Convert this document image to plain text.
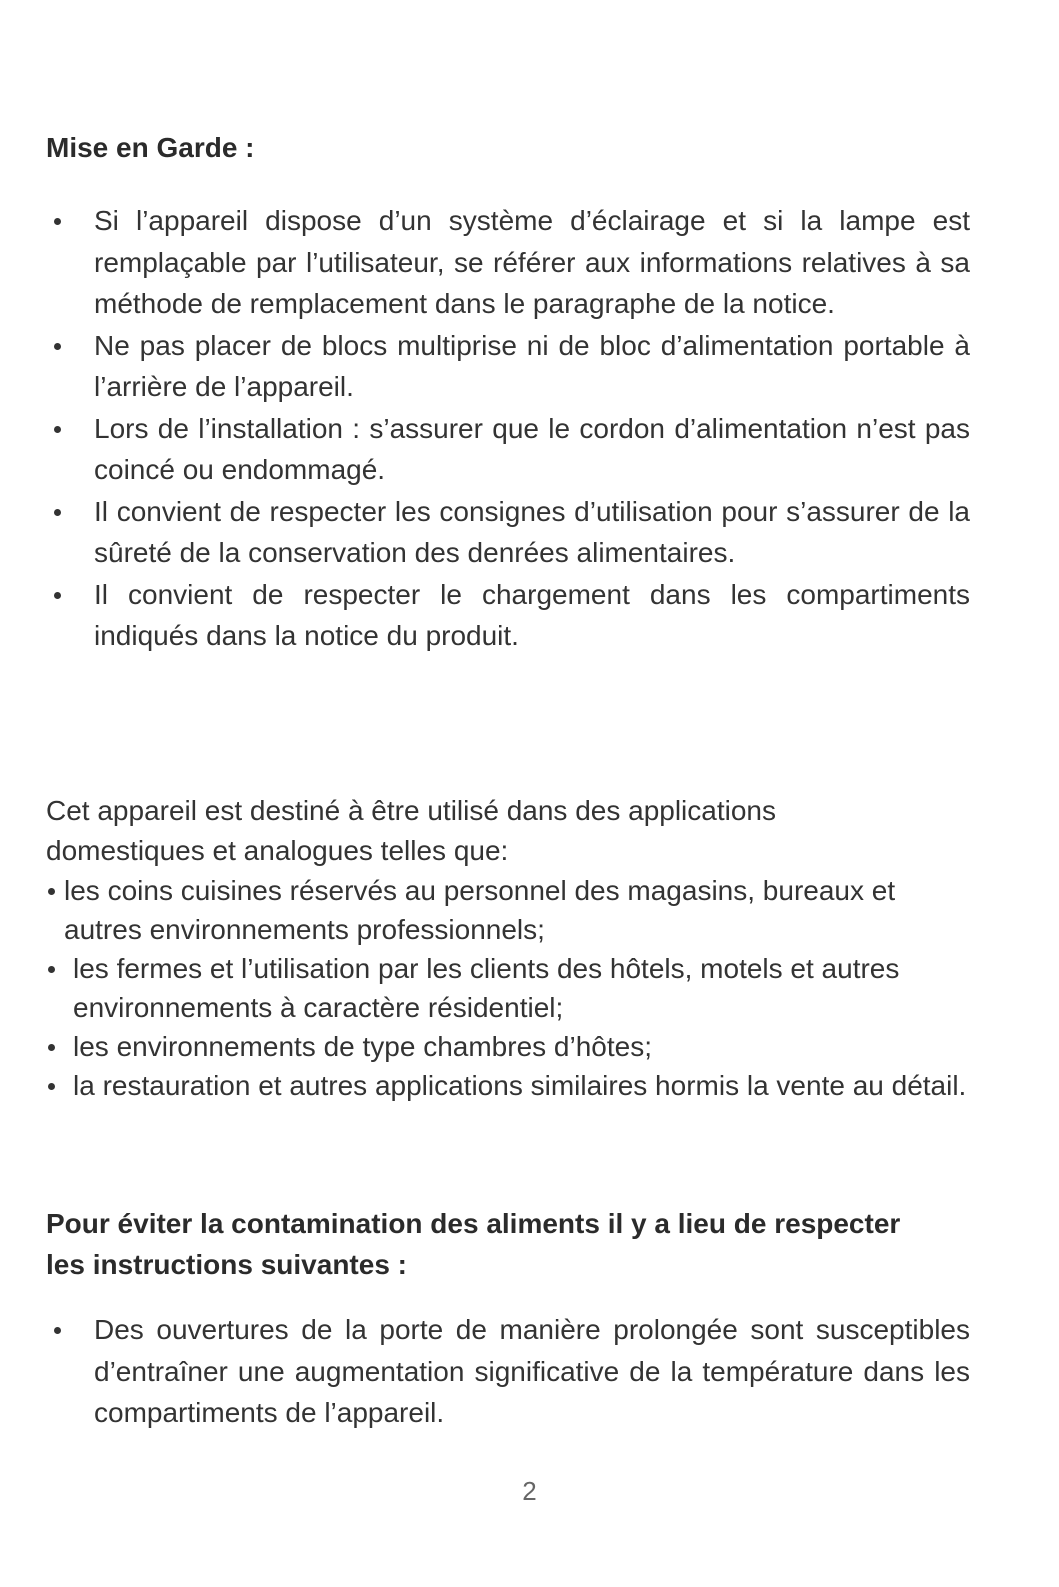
Mise en Garde :
Si l’appareil dispose d’un système d’éclairage et si la lampe est remplaçable par l’utilisateur, se référer aux informations relatives à sa méthode de remplacement dans le paragraphe de la notice.
Ne pas placer de blocs multiprise ni de bloc d’alimentation portable à l’arrière de l’appareil.
Lors de l’installation : s’assurer que le cordon d’alimentation n’est pas coincé ou endommagé.
Il convient de respecter les consignes d’utilisation pour s’assurer de la sûreté de la conservation des denrées alimentaires.
Il convient de respecter le chargement dans les compartiments indiqués dans la notice du produit.

Cet appareil est destiné à être utilisé dans des applications domestiques et analogues telles que:

les coins cuisines réservés au personnel des magasins, bureaux et autres environnements professionnels;
les fermes et l’utilisation par les clients des hôtels, motels et autres environnements à caractère résidentiel;
les environnements de type chambres d’hôtes;
la restauration et autres applications similaires hormis la vente au détail.
Pour éviter la contamination des aliments il y a lieu de respecter les instructions suivantes :
Des ouvertures de la porte de manière prolongée sont susceptibles d’entraîner une augmentation significative de la température dans les compartiments de l’appareil.
2
